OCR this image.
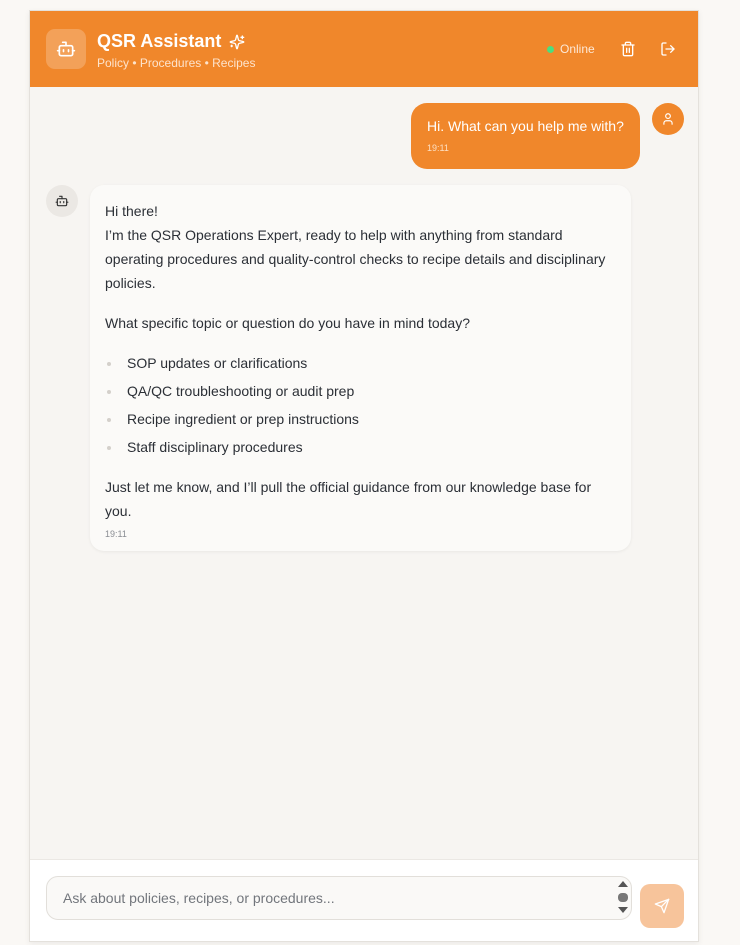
QSR Assistant
Policy • Procedures • Recipes
Online
Hi. What can you help me with?
19:11

Hi there!

I’m the QSR Operations Expert, ready to help with anything from standard operating procedures and quality-control checks to recipe details and disciplinary policies.

What specific topic or question do you have in mind today?

SOP updates or clarifications
QA/QC troubleshooting or audit prep
Recipe ingredient or prep instructions
Staff disciplinary procedures

Just let me know, and I’ll pull the official guidance from our knowledge base for you.

19:11
Ask about policies, recipes, or procedures...
